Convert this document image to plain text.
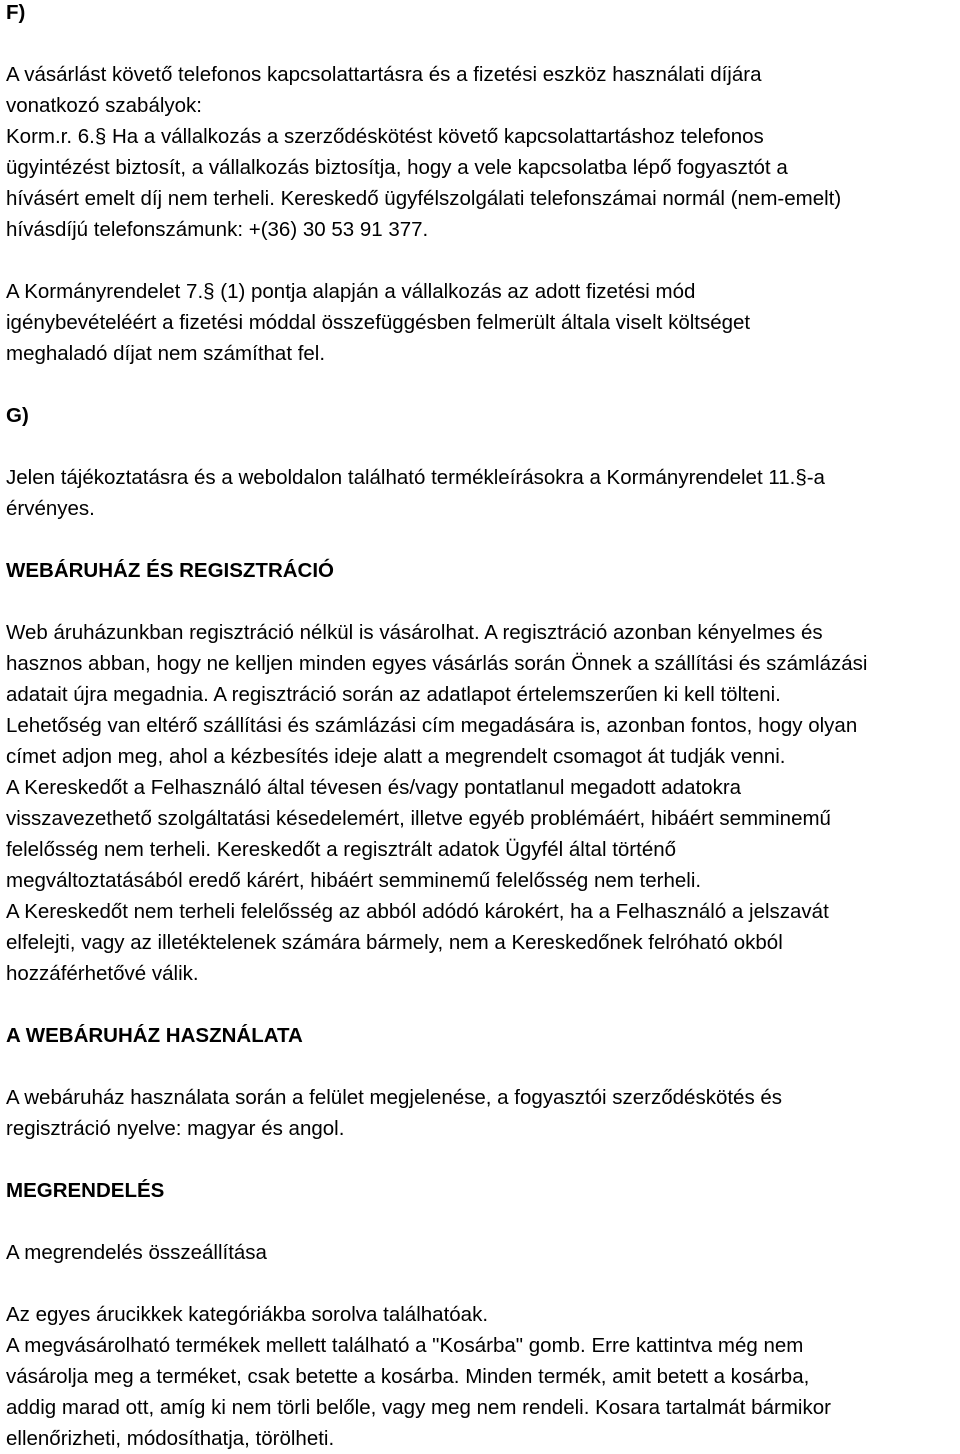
F)
A vásárlást követő telefonos kapcsolattartásra és a fizetési eszköz használati díjára
vonatkozó szabályok:
Korm.r. 6.§ Ha a vállalkozás a szerződéskötést követő kapcsolattartáshoz telefonos
ügyintézést biztosít, a vállalkozás biztosítja, hogy a vele kapcsolatba lépő fogyasztót a
hívásért emelt díj nem terheli. Kereskedő ügyfélszolgálati telefonszámai normál (nem-emelt)
hívásdíjú telefonszámunk: +(36) 30 53 91 377.
A Kormányrendelet 7.§ (1) pontja alapján a vállalkozás az adott fizetési mód
igénybevételéért a fizetési móddal összefüggésben felmerült általa viselt költséget
meghaladó díjat nem számíthat fel.
G)
Jelen tájékoztatásra és a weboldalon található termékleírásokra a Kormányrendelet 11.§-a
érvényes.
WEBÁRUHÁZ ÉS REGISZTRÁCIÓ
Web áruházunkban regisztráció nélkül is vásárolhat. A regisztráció azonban kényelmes és
hasznos abban, hogy ne kelljen minden egyes vásárlás során Önnek a szállítási és számlázási
adatait újra megadnia. A regisztráció során az adatlapot értelemszerűen ki kell tölteni.
Lehetőség van eltérő szállítási és számlázási cím megadására is, azonban fontos, hogy olyan
címet adjon meg, ahol a kézbesítés ideje alatt a megrendelt csomagot át tudják venni.
A Kereskedőt a Felhasználó által tévesen és/vagy pontatlanul megadott adatokra
visszavezethető szolgáltatási késedelemért, illetve egyéb problémáért, hibáért semminemű
felelősség nem terheli. Kereskedőt a regisztrált adatok Ügyfél által történő
megváltoztatásából eredő kárért, hibáért semminemű felelősség nem terheli.
A Kereskedőt nem terheli felelősség az abból adódó károkért, ha a Felhasználó a jelszavát
elfelejti, vagy az illetéktelenek számára bármely, nem a Kereskedőnek felróható okból
hozzáférhetővé válik.
A WEBÁRUHÁZ HASZNÁLATA
A webáruház használata során a felület megjelenése, a fogyasztói szerződéskötés és
regisztráció nyelve: magyar és angol.
MEGRENDELÉS
A megrendelés összeállítása
Az egyes árucikkek kategóriákba sorolva találhatóak.
A megvásárolható termékek mellett található a "Kosárba" gomb. Erre kattintva még nem
vásárolja meg a terméket, csak betette a kosárba. Minden termék, amit betett a kosárba,
addig marad ott, amíg ki nem törli belőle, vagy meg nem rendeli. Kosara tartalmát bármikor
ellenőrizheti, módosíthatja, törölheti.
